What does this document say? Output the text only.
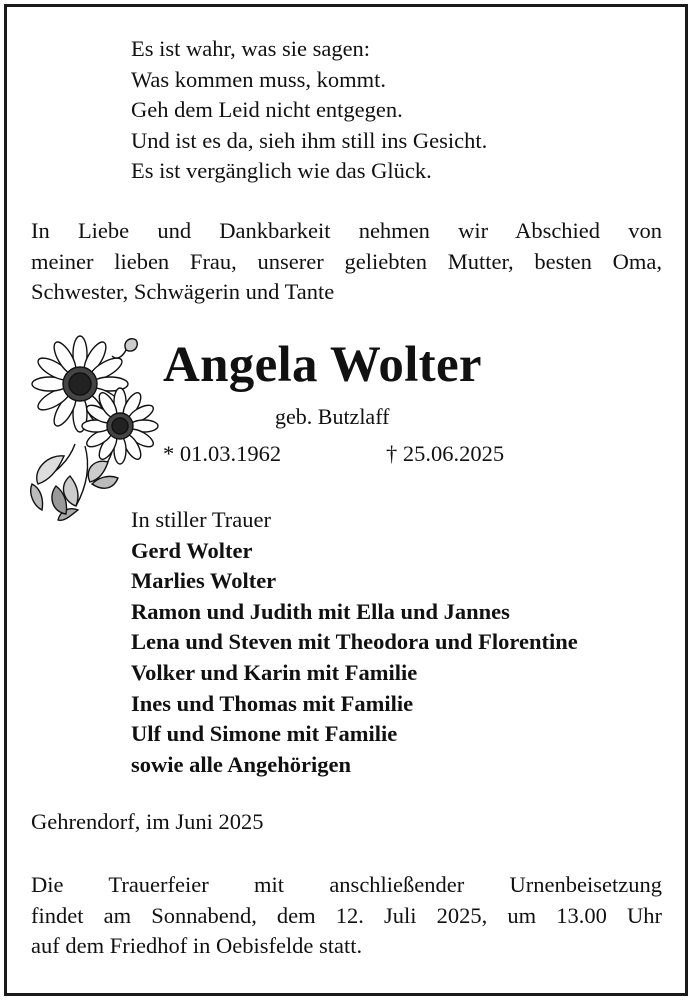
Es ist wahr, was sie sagen:
Was kommen muss, kommt.
Geh dem Leid nicht entgegen.
Und ist es da, sieh ihm still ins Gesicht.
Es ist vergänglich wie das Glück.
In Liebe und Dankbarkeit nehmen wir Abschied von
meiner lieben Frau, unserer geliebten Mutter, besten Oma,
Schwester, Schwägerin und Tante
Angela Wolter
geb. Butzlaff
* 01.03.1962	† 25.06.2025
In stiller Trauer
Gerd Wolter
Marlies Wolter
Ramon und Judith mit Ella und Jannes
Lena und Steven mit Theodora und Florentine
Volker und Karin mit Familie
Ines und Thomas mit Familie
Ulf und Simone mit Familie
sowie alle Angehörigen
Gehrendorf, im Juni 2025
Die Trauerfeier mit anschließender Urnenbeisetzung
findet am Sonnabend, dem 12. Juli 2025, um 13.00 Uhr
auf dem Friedhof in Oebisfelde statt.
